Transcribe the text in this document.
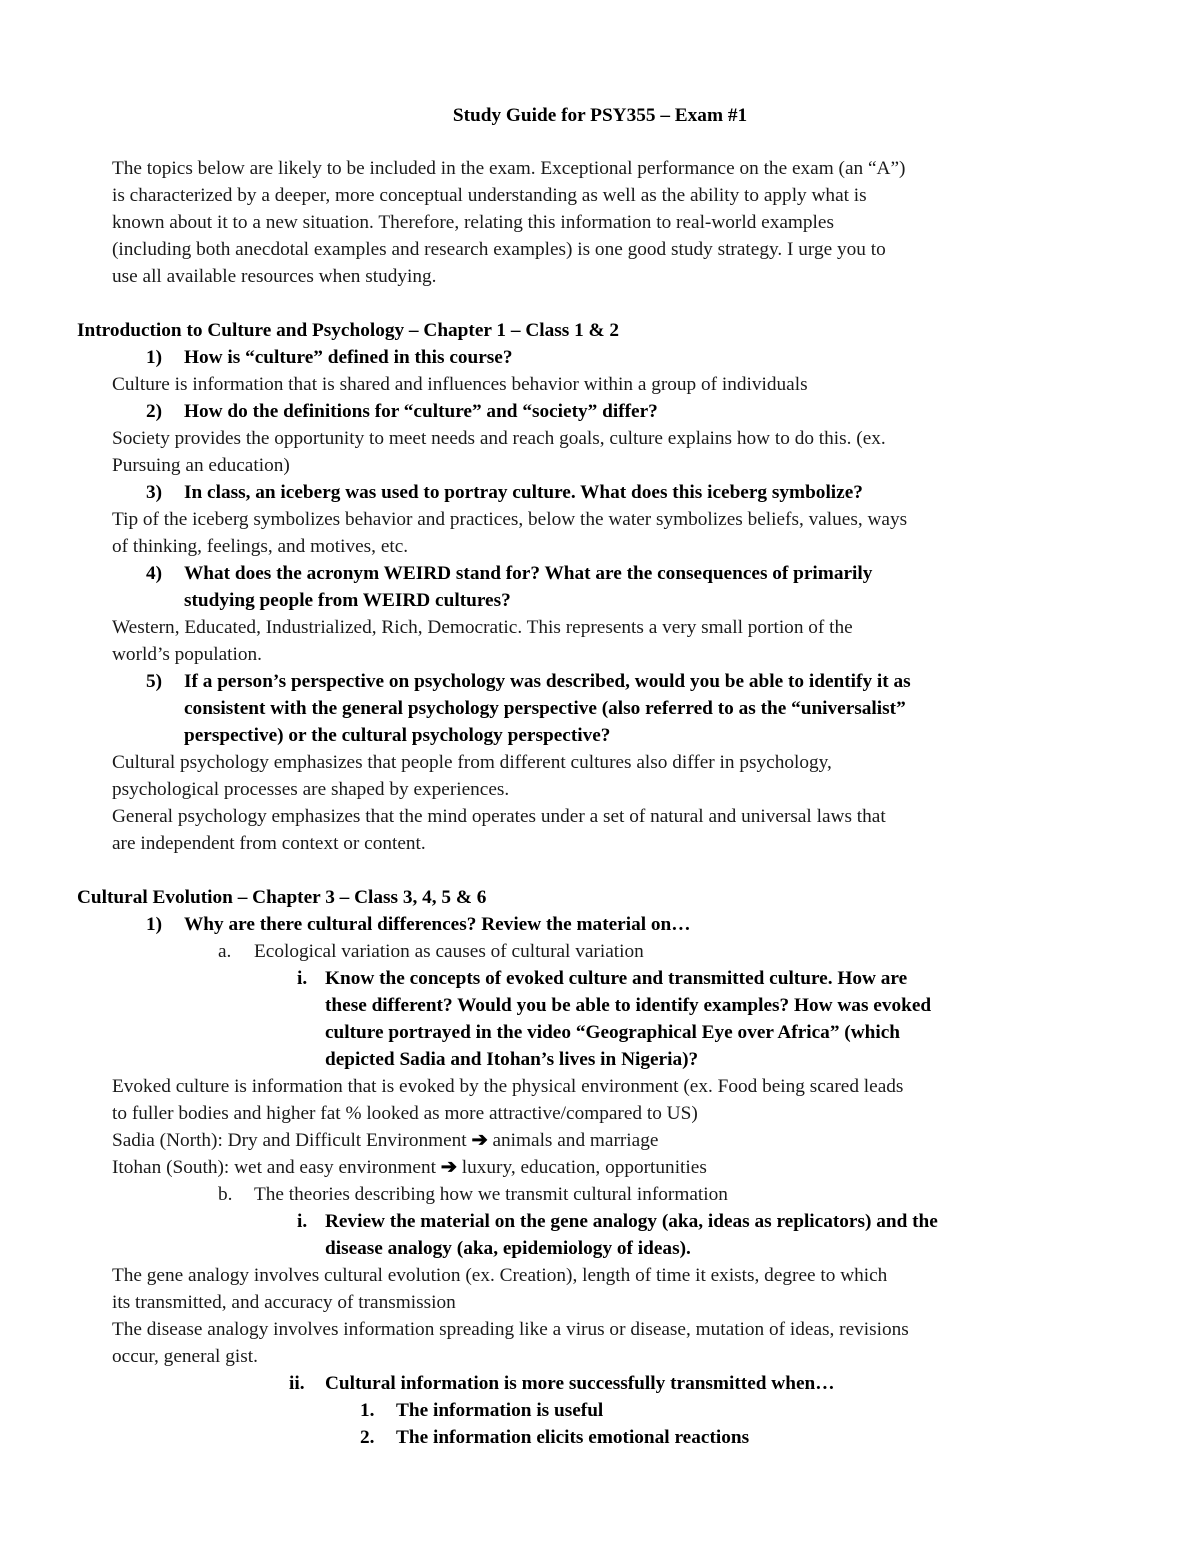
Study Guide for PSY355 – Exam #1
The topics below are likely to be included in the exam. Exceptional performance on the exam (an “A”)
is characterized by a deeper, more conceptual understanding as well as the ability to apply what is
known about it to a new situation. Therefore, relating this information to real-world examples
(including both anecdotal examples and research examples) is one good study strategy. I urge you to
use all available resources when studying.
Introduction to Culture and Psychology – Chapter 1 – Class 1 & 2
1) How is “culture” defined in this course?
Culture is information that is shared and influences behavior within a group of individuals
2) How do the definitions for “culture” and “society” differ?
Society provides the opportunity to meet needs and reach goals, culture explains how to do this. (ex.
Pursuing an education)
3) In class, an iceberg was used to portray culture. What does this iceberg symbolize?
Tip of the iceberg symbolizes behavior and practices, below the water symbolizes beliefs, values, ways
of thinking, feelings, and motives, etc.
4) What does the acronym WEIRD stand for? What are the consequences of primarily
studying people from WEIRD cultures?
Western, Educated, Industrialized, Rich, Democratic. This represents a very small portion of the
world’s population.
5) If a person’s perspective on psychology was described, would you be able to identify it as
consistent with the general psychology perspective (also referred to as the “universalist”
perspective) or the cultural psychology perspective?
Cultural psychology emphasizes that people from different cultures also differ in psychology,
psychological processes are shaped by experiences.
General psychology emphasizes that the mind operates under a set of natural and universal laws that
are independent from context or content.
Cultural Evolution – Chapter 3 – Class 3, 4, 5 & 6
1) Why are there cultural differences? Review the material on…
a. Ecological variation as causes of cultural variation
i. Know the concepts of evoked culture and transmitted culture. How are
these different? Would you be able to identify examples? How was evoked
culture portrayed in the video “Geographical Eye over Africa” (which
depicted Sadia and Itohan’s lives in Nigeria)?
Evoked culture is information that is evoked by the physical environment (ex. Food being scared leads
to fuller bodies and higher fat % looked as more attractive/compared to US)
Sadia (North): Dry and Difficult Environment ➔ animals and marriage
Itohan (South): wet and easy environment ➔ luxury, education, opportunities
b. The theories describing how we transmit cultural information
i. Review the material on the gene analogy (aka, ideas as replicators) and the
disease analogy (aka, epidemiology of ideas).
The gene analogy involves cultural evolution (ex. Creation), length of time it exists, degree to which
its transmitted, and accuracy of transmission
The disease analogy involves information spreading like a virus or disease, mutation of ideas, revisions
occur, general gist.
ii. Cultural information is more successfully transmitted when…
1. The information is useful
2. The information elicits emotional reactions
